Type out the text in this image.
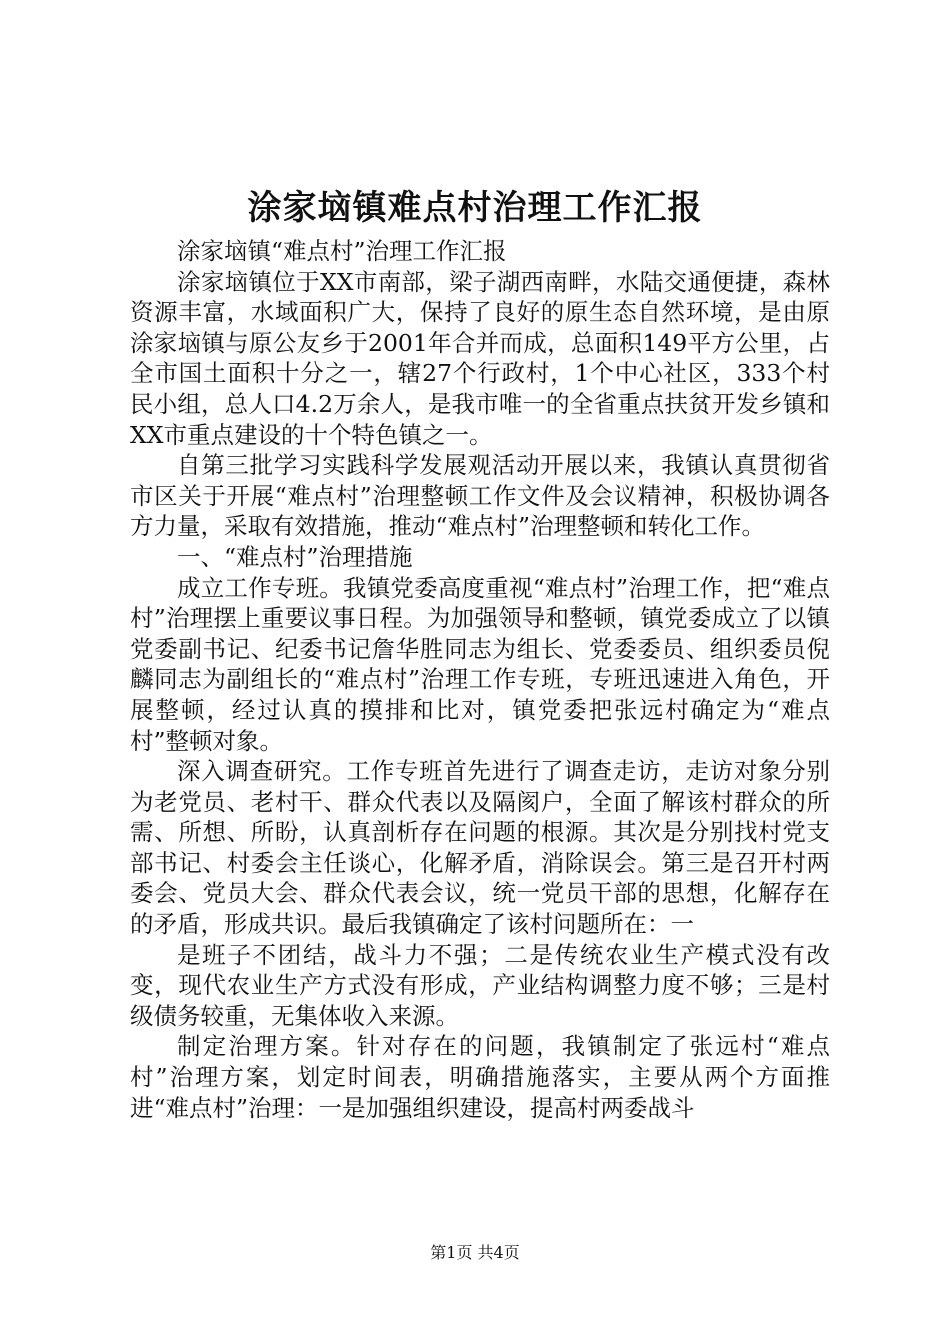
涂家垴镇难点村治理工作汇报

涂家垴镇“难点村”治理工作汇报

涂家垴镇位于XX市南部，梁子湖西南畔，水陆交通便捷，森林资源丰富，水域面积广大，保持了良好的原生态自然环境，是由原涂家垴镇与原公友乡于2001年合并而成，总面积149平方公里，占全市国土面积十分之一，辖27个行政村，1个中心社区，333个村民小组，总人口4.2万余人，是我市唯一的全省重点扶贫开发乡镇和XX市重点建设的十个特色镇之一。

自第三批学习实践科学发展观活动开展以来，我镇认真贯彻省市区关于开展“难点村”治理整顿工作文件及会议精神，积极协调各方力量，采取有效措施，推动“难点村”治理整顿和转化工作。

一、“难点村”治理措施

成立工作专班。我镇党委高度重视“难点村”治理工作，把“难点村”治理摆上重要议事日程。为加强领导和整顿，镇党委成立了以镇党委副书记、纪委书记詹华胜同志为组长、党委委员、组织委员倪麟同志为副组长的“难点村”治理工作专班，专班迅速进入角色，开展整顿，经过认真的摸排和比对，镇党委把张远村确定为“难点村”整顿对象。

深入调查研究。工作专班首先进行了调查走访，走访对象分别为老党员、老村干、群众代表以及隔阂户，全面了解该村群众的所需、所想、所盼，认真剖析存在问题的根源。其次是分别找村党支部书记、村委会主任谈心，化解矛盾，消除误会。第三是召开村两委会、党员大会、群众代表会议，统一党员干部的思想，化解存在的矛盾，形成共识。最后我镇确定了该村问题所在：一

是班子不团结，战斗力不强；二是传统农业生产模式没有改变，现代农业生产方式没有形成，产业结构调整力度不够；三是村级债务较重，无集体收入来源。

制定治理方案。针对存在的问题，我镇制定了张远村“难点村”治理方案，划定时间表，明确措施落实，主要从两个方面推进“难点村”治理：一是加强组织建设，提高村两委战斗

第1页 共4页
